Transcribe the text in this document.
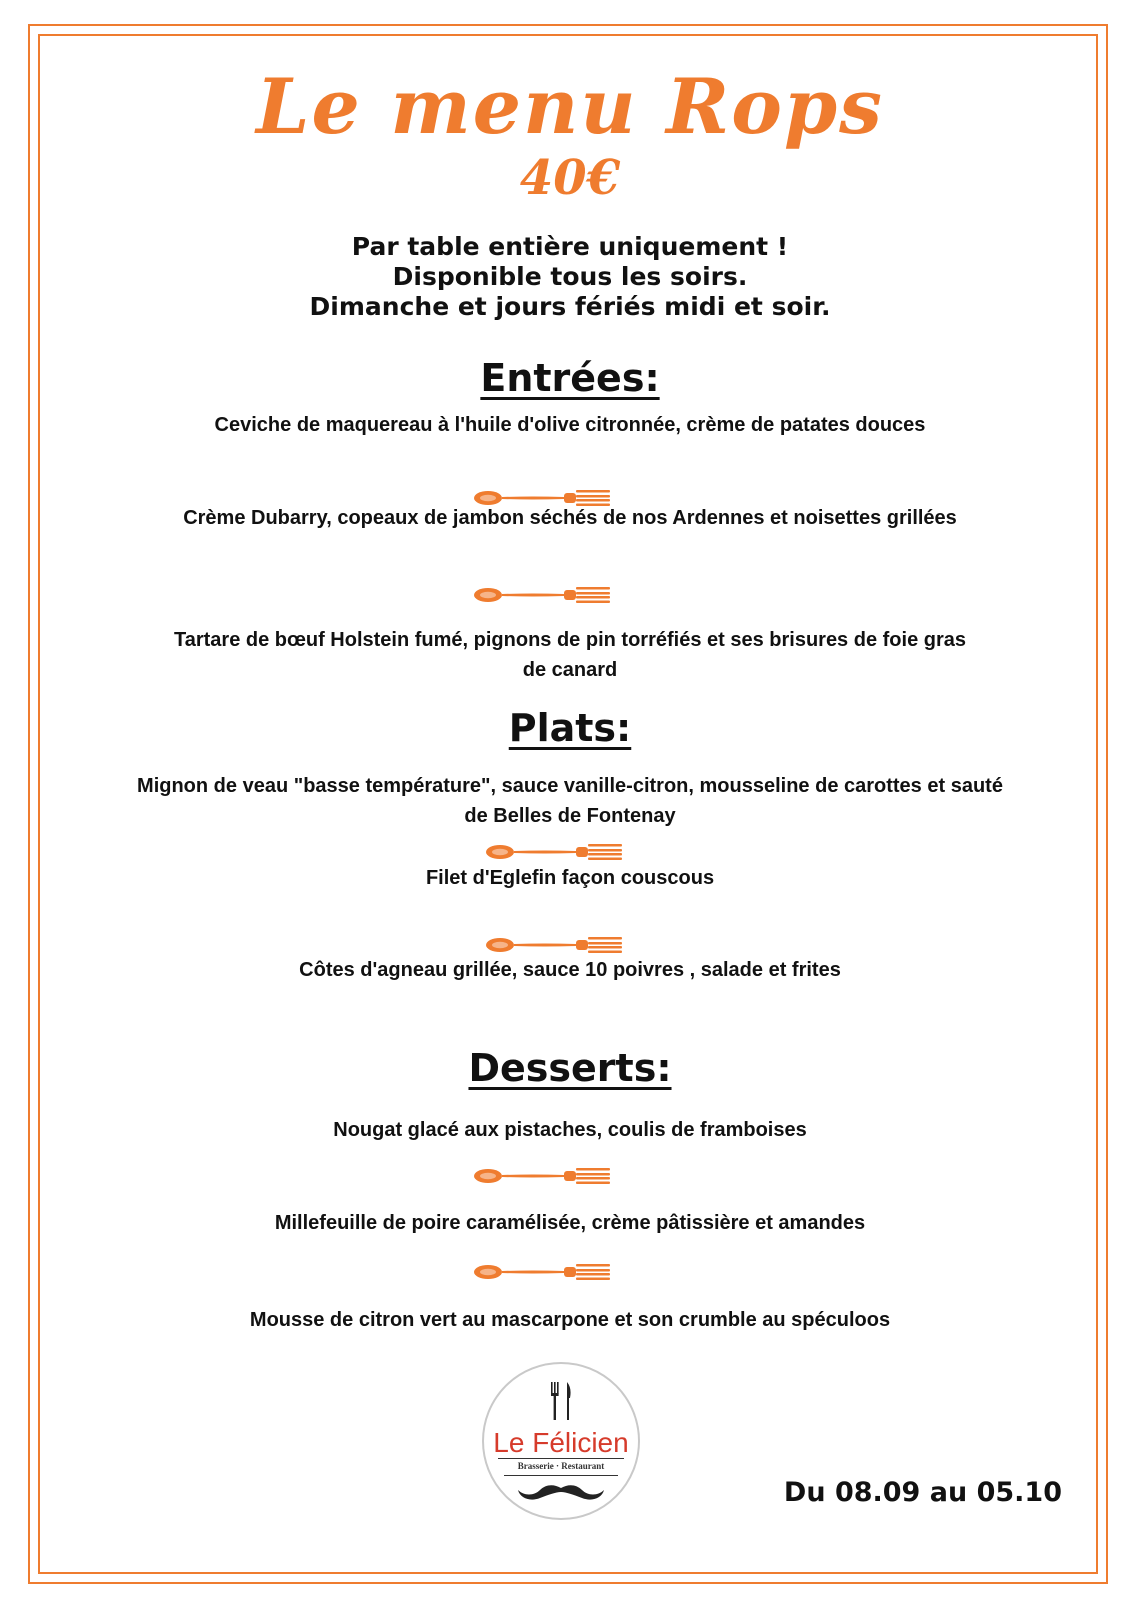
Le menu Rops
40€
Par table entière uniquement !
Disponible tous les soirs.
Dimanche et jours fériés midi et soir.
Entrées:
Ceviche de maquereau à l'huile d'olive citronnée, crème de patates douces
Crème Dubarry, copeaux de jambon séchés de nos Ardennes et noisettes grillées
Tartare de bœuf Holstein fumé, pignons de pin torréfiés et ses brisures de foie gras
de canard
Plats:
Mignon de veau "basse température", sauce vanille-citron, mousseline de carottes et sauté
de Belles de Fontenay
Filet d'Eglefin façon couscous
Côtes d'agneau grillée, sauce 10 poivres , salade et frites
Desserts:
Nougat glacé aux pistaches, coulis de framboises
Millefeuille de poire caramélisée, crème pâtissière et amandes
Mousse de citron vert au mascarpone et son crumble au spéculoos
Le Félicien
Brasserie · Restaurant
Du 08.09 au 05.10
